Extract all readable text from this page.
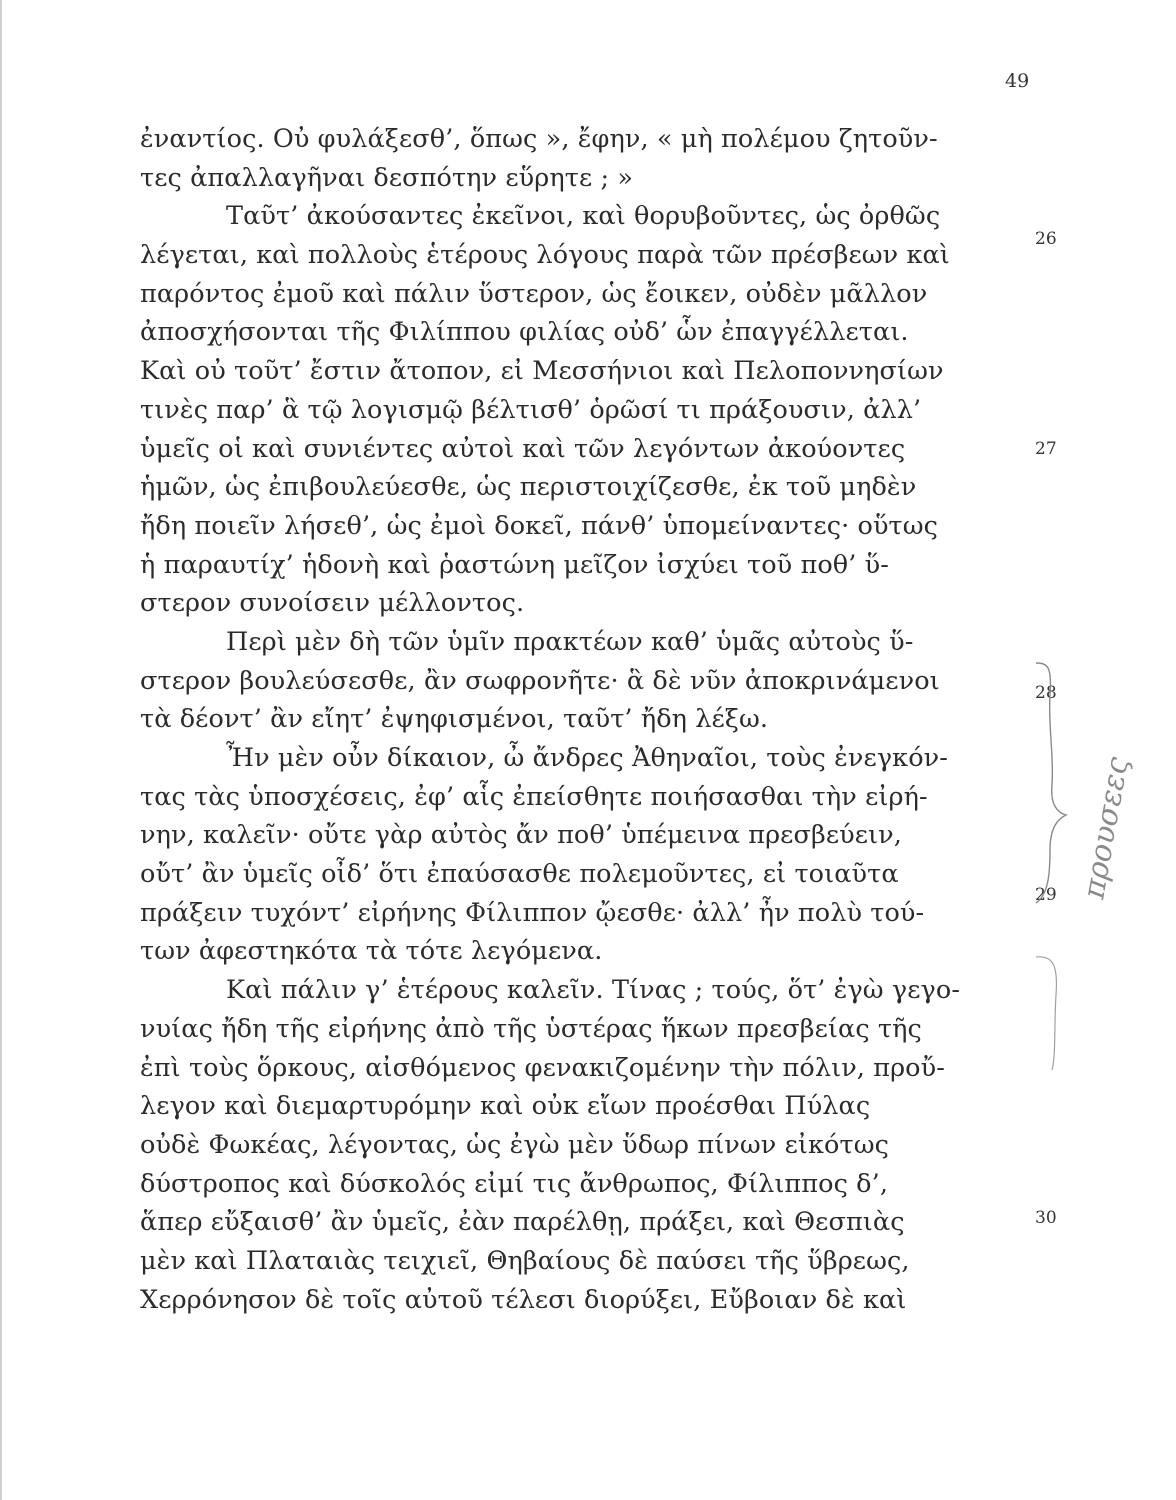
49
ἐναντίος. Οὐ φυλάξεσθ’, ὅπως », ἔφην, « μὴ πολέμου ζητοῦν-
τες ἀπαλλαγῆναι δεσπότην εὕρητε ; »
Ταῦτ’ ἀκούσαντες ἐκεῖνοι, καὶ θορυβοῦντες, ὡς ὀρθῶς
λέγεται, καὶ πολλοὺς ἑτέρους λόγους παρὰ τῶν πρέσβεων καὶ
παρόντος ἐμοῦ καὶ πάλιν ὕστερον, ὡς ἔοικεν, οὐδὲν μᾶλλον
ἀποσχήσονται τῆς Φιλίππου φιλίας οὐδ’ ὧν ἐπαγγέλλεται.
Καὶ οὐ τοῦτ’ ἔστιν ἄτοπον, εἰ Μεσσήνιοι καὶ Πελοποννησίων
τινὲς παρ’ ἃ τῷ λογισμῷ βέλτισθ’ ὁρῶσί τι πράξουσιν, ἀλλ’
ὑμεῖς οἱ καὶ συνιέντες αὐτοὶ καὶ τῶν λεγόντων ἀκούοντες
ἡμῶν, ὡς ἐπιβουλεύεσθε, ὡς περιστοιχίζεσθε, ἐκ τοῦ μηδὲν
ἤδη ποιεῖν λήσεθ’, ὡς ἐμοὶ δοκεῖ, πάνθ’ ὑπομείναντες· οὕτως
ἡ παραυτίχ’ ἡδονὴ καὶ ῥαστώνη μεῖζον ἰσχύει τοῦ ποθ’ ὕ-
στερον συνοίσειν μέλλοντος.
Περὶ μὲν δὴ τῶν ὑμῖν πρακτέων καθ’ ὑμᾶς αὐτοὺς ὕ-
στερον βουλεύσεσθε, ἂν σωφρονῆτε· ἃ δὲ νῦν ἀποκρινάμενοι
τὰ δέοντ’ ἂν εἴητ’ ἐψηφισμένοι, ταῦτ’ ἤδη λέξω.
Ἦν μὲν οὖν δίκαιον, ὦ ἄνδρες Ἀθηναῖοι, τοὺς ἐνεγκόν-
τας τὰς ὑποσχέσεις, ἐφ’ αἷς ἐπείσθητε ποιήσασθαι τὴν εἰρή-
νην, καλεῖν· οὔτε γὰρ αὐτὸς ἄν ποθ’ ὑπέμεινα πρεσβεύειν,
οὔτ’ ἂν ὑμεῖς οἶδ’ ὅτι ἐπαύσασθε πολεμοῦντες, εἰ τοιαῦτα
πράξειν τυχόντ’ εἰρήνης Φίλιππον ᾤεσθε· ἀλλ’ ἦν πολὺ τού-
των ἀφεστηκότα τὰ τότε λεγόμενα.
Καὶ πάλιν γ’ ἑτέρους καλεῖν. Τίνας ; τούς, ὅτ’ ἐγὼ γεγο-
νυίας ἤδη τῆς εἰρήνης ἀπὸ τῆς ὑστέρας ἥκων πρεσβείας τῆς
ἐπὶ τοὺς ὅρκους, αἰσθόμενος φενακιζομένην τὴν πόλιν, προὔ-
λεγον καὶ διεμαρτυρόμην καὶ οὐκ εἴων προέσθαι Πύλας
οὐδὲ Φωκέας, λέγοντας, ὡς ἐγὼ μὲν ὕδωρ πίνων εἰκότως
δύστροπος καὶ δύσκολός εἰμί τις ἄνθρωπος, Φίλιππος δ’,
ἅπερ εὔξαισθ’ ἂν ὑμεῖς, ἐὰν παρέλθῃ, πράξει, καὶ Θεσπιὰς
μὲν καὶ Πλαταιὰς τειχιεῖ, Θηβαίους δὲ παύσει τῆς ὕβρεως,
Χερρόνησον δὲ τοῖς αὐτοῦ τέλεσι διορύξει, Εὔβοιαν δὲ καὶ
26
27
28
29
30
προυσεες
